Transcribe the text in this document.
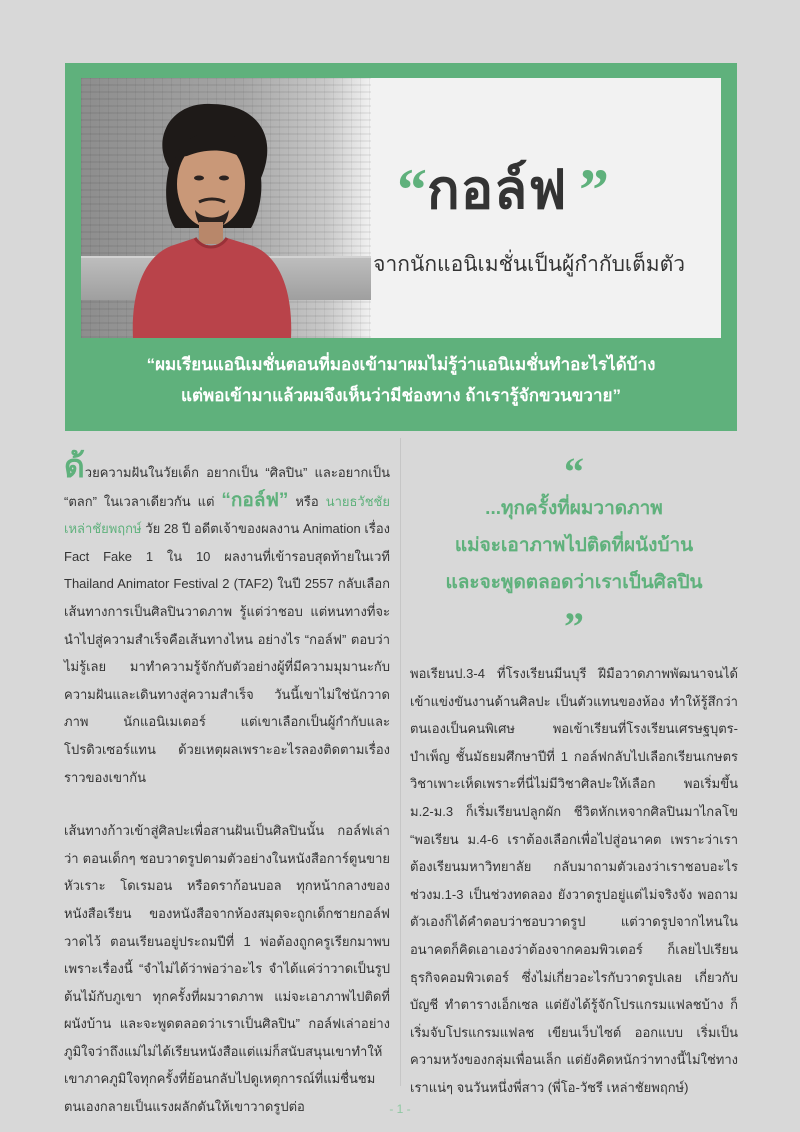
“ กอล์ฟ ”
จากนักแอนิเมชั่นเป็นผู้กำกับเต็มตัว
“ผมเรียนแอนิเมชั่นตอนที่มองเข้ามาผมไม่รู้ว่าแอนิเมชั่นทำอะไรได้บ้าง
แต่พอเข้ามาแล้วผมจึงเห็นว่ามีช่องทาง ถ้าเรารู้จักขวนขวาย”

ด้วยความฝันในวัยเด็ก อยากเป็น “ศิลปิน” และอยากเป็น “ตลก” ในเวลาเดียวกัน แต่ “กอล์ฟ” หรือ นายธวัชชัย เหล่าชัยพฤกษ์ วัย 28 ปี อดีตเจ้าของผลงาน Animation เรื่อง Fact Fake 1 ใน 10 ผลงานที่เข้ารอบสุดท้ายในเวที Thailand Animator Festival 2 (TAF2) ในปี 2557 กลับเลือกเส้นทางการเป็นศิลปินวาดภาพ รู้แต่ว่าชอบ แต่หนทางที่จะนำไปสู่ความสำเร็จคือเส้นทางไหน อย่างไร “กอล์ฟ” ตอบว่าไม่รู้เลย มาทำความรู้จักกับตัวอย่างผู้ที่มีความมุมานะกับความฝันและเดินทางสู่ความสำเร็จ วันนี้เขาไม่ใช่นักวาดภาพ นักแอนิเมเตอร์ แต่เขาเลือกเป็นผู้กำกับและโปรดิวเซอร์แทน ด้วยเหตุผลเพราะอะไรลองติดตามเรื่องราวของเขากัน

เส้นทางก้าวเข้าสู่ศิลปะเพื่อสานฝันเป็นศิลปินนั้น กอล์ฟเล่าว่า ตอนเด็กๆ ชอบวาดรูปตามตัวอย่างในหนังสือการ์ตูนขายหัวเราะ โดเรมอน หรือดราก้อนบอล ทุกหน้ากลางของหนังสือเรียน ของหนังสือจากห้องสมุดจะถูกเด็กชายกอล์ฟวาดไว้ ตอนเรียนอยู่ประถมปีที่ 1 พ่อต้องถูกครูเรียกมาพบเพราะเรื่องนี้ “จำไม่ได้ว่าพ่อว่าอะไร จำได้แค่ว่าวาดเป็นรูปต้นไม้กับภูเขา ทุกครั้งที่ผมวาดภาพ แม่จะเอาภาพไปติดที่ผนังบ้าน และจะพูดตลอดว่าเราเป็นศิลปิน” กอล์ฟเล่าอย่างภูมิใจว่าถึงแม่ไม่ได้เรียนหนังสือแต่แม่ก็สนับสนุนเขาทำให้เขาภาคภูมิใจทุกครั้งที่ย้อนกลับไปดูเหตุการณ์ที่แม่ชื่นชมตนเองกลายเป็นแรงผลักดันให้เขาวาดรูปต่อ

“
...ทุกครั้งที่ผมวาดภาพ
แม่จะเอาภาพไปติดที่ผนังบ้าน
และจะพูดตลอดว่าเราเป็นศิลปิน
”

พอเรียนป.3-4 ที่โรงเรียนมีนบุรี ฝีมือวาดภาพพัฒนาจนได้เข้าแข่งขันงานด้านศิลปะ เป็นตัวแทนของห้อง ทำให้รู้สึกว่าตนเองเป็นคนพิเศษ พอเข้าเรียนที่โรงเรียนเศรษฐบุตร-บำเพ็ญ ชั้นมัธยมศึกษาปีที่ 1 กอล์ฟกลับไปเลือกเรียนเกษตร วิชาเพาะเห็ดเพราะที่นี่ไม่มีวิชาศิลปะให้เลือก พอเริ่มขึ้น ม.2-ม.3 ก็เริ่มเรียนปลูกผัก ชีวิตหักเหจากศิลปินมาไกลโข “พอเรียน ม.4-6 เราต้องเลือกเพื่อไปสู่อนาคต เพราะว่าเราต้องเรียนมหาวิทยาลัย กลับมาถามตัวเองว่าเราชอบอะไร ช่วงม.1-3 เป็นช่วงทดลอง ยังวาดรูปอยู่แต่ไม่จริงจัง พอถามตัวเองก็ได้คำตอบว่าชอบวาดรูป แต่วาดรูปจากไหนในอนาคตก็คิดเอาเองว่าต้องจากคอมพิวเตอร์ ก็เลยไปเรียนธุรกิจคอมพิวเตอร์ ซึ่งไม่เกี่ยวอะไรกับวาดรูปเลย เกี่ยวกับบัญชี ทำตารางเอ็กเซล แต่ยังได้รู้จักโปรแกรมแฟลชบ้าง ก็เริ่มจับโปรแกรมแฟลช เขียนเว็บไซต์ ออกแบบ เริ่มเป็นความหวังของกลุ่มเพื่อนเล็ก แต่ยังคิดหนักว่าทางนี้ไม่ใช่ทางเราแน่ๆ จนวันหนึ่งพี่สาว (พี่โอ-วัชรี เหล่าชัยพฤกษ์)

- 1 -
